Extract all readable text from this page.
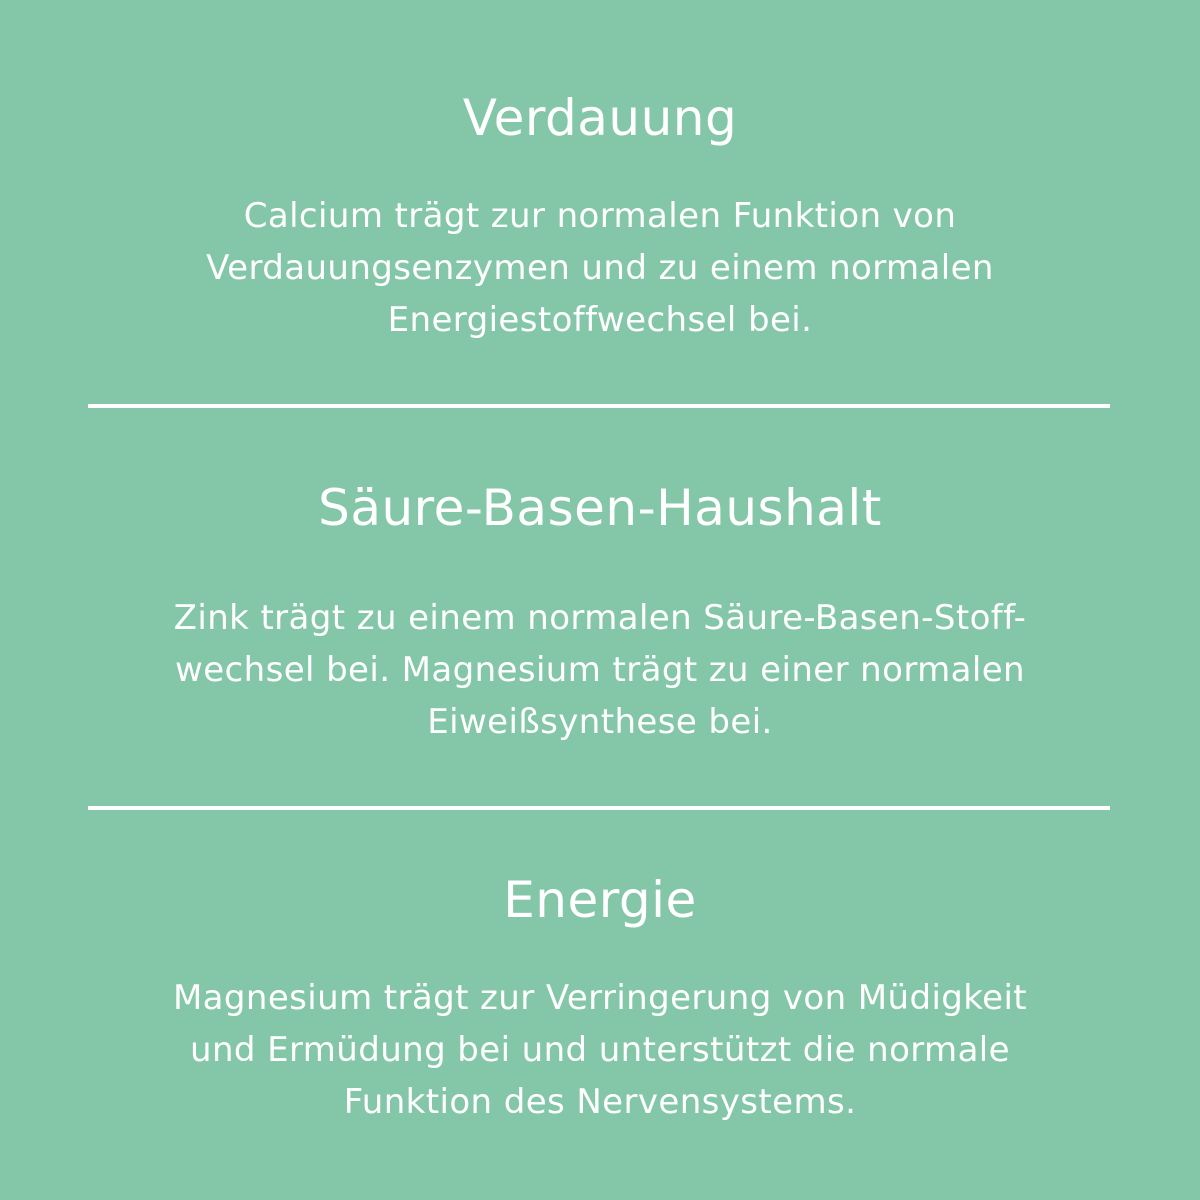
Verdauung

Calcium trägt zur normalen Funktion von
Verdauungsenzymen und zu einem normalen
Energiestoffwechsel bei.

Säure-Basen-Haushalt

Zink trägt zu einem normalen Säure-Basen-Stoff-
wechsel bei. Magnesium trägt zu einer normalen
Eiweißsynthese bei.

Energie

Magnesium trägt zur Verringerung von Müdigkeit
und Ermüdung bei und unterstützt die normale
Funktion des Nervensystems.
